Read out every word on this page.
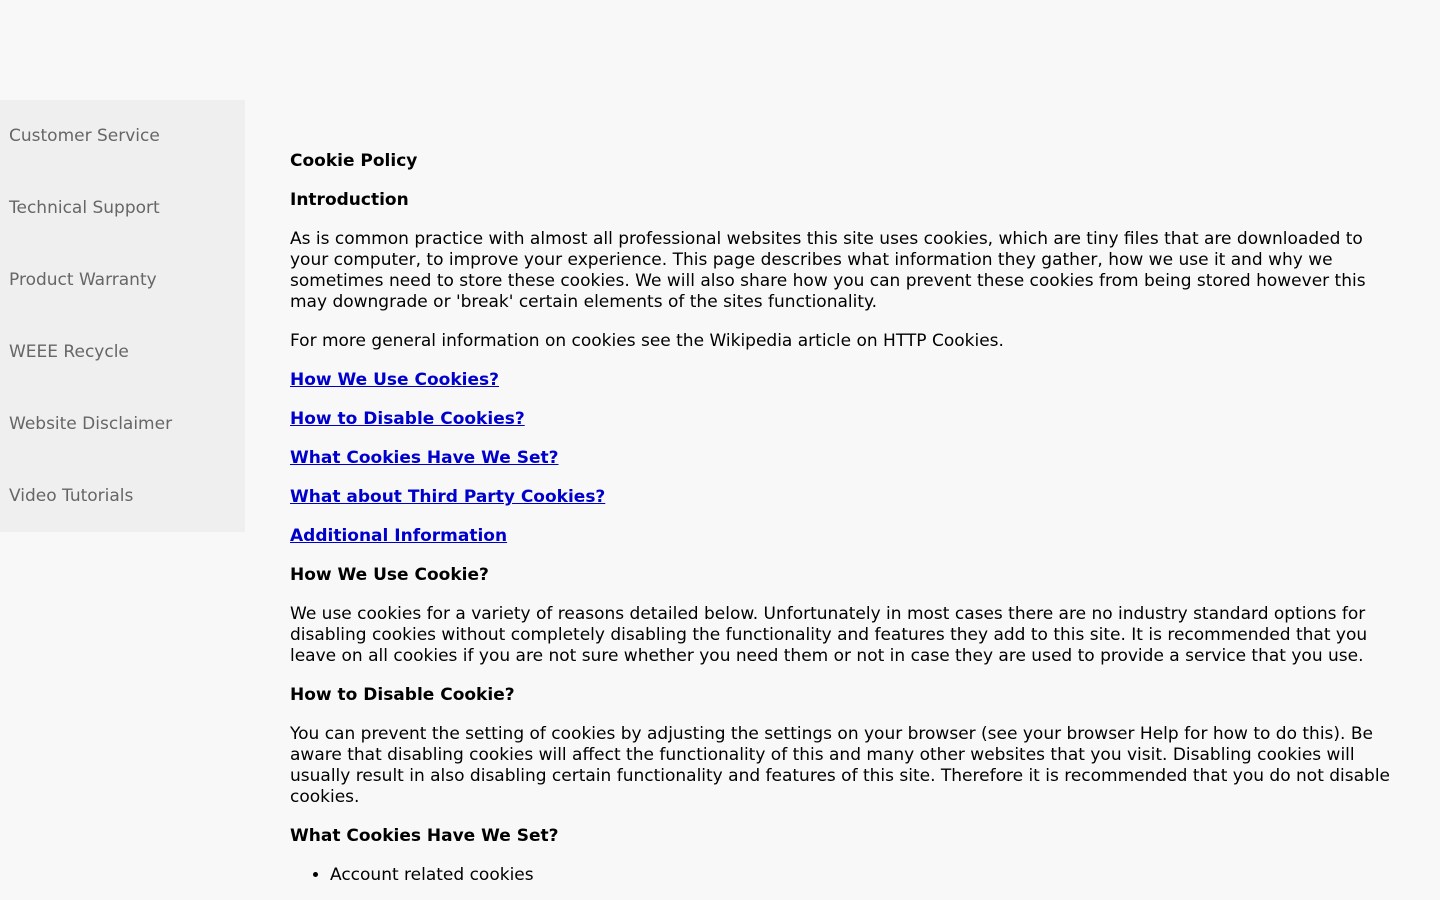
Customer Service
Technical Support
Product Warranty
WEEE Recycle
Website Disclaimer
Video Tutorials
Cookie Policy
Introduction

As is common practice with almost all professional websites this site uses cookies, which are tiny files that are downloaded to your computer, to improve your experience. This page describes what information they gather, how we use it and why we sometimes need to store these cookies. We will also share how you can prevent these cookies from being stored however this may downgrade or 'break' certain elements of the sites functionality.

For more general information on cookies see the Wikipedia article on HTTP Cookies.

How We Use Cookies?
How to Disable Cookies?
What Cookies Have We Set?
What about Third Party Cookies?
Additional Information
How We Use Cookie?

We use cookies for a variety of reasons detailed below. Unfortunately in most cases there are no industry standard options for disabling cookies without completely disabling the functionality and features they add to this site. It is recommended that you leave on all cookies if you are not sure whether you need them or not in case they are used to provide a service that you use.

How to Disable Cookie?

You can prevent the setting of cookies by adjusting the settings on your browser (see your browser Help for how to do this). Be aware that disabling cookies will affect the functionality of this and many other websites that you visit. Disabling cookies will usually result in also disabling certain functionality and features of this site. Therefore it is recommended that you do not disable cookies.

What Cookies Have We Set?
• Account related cookies
